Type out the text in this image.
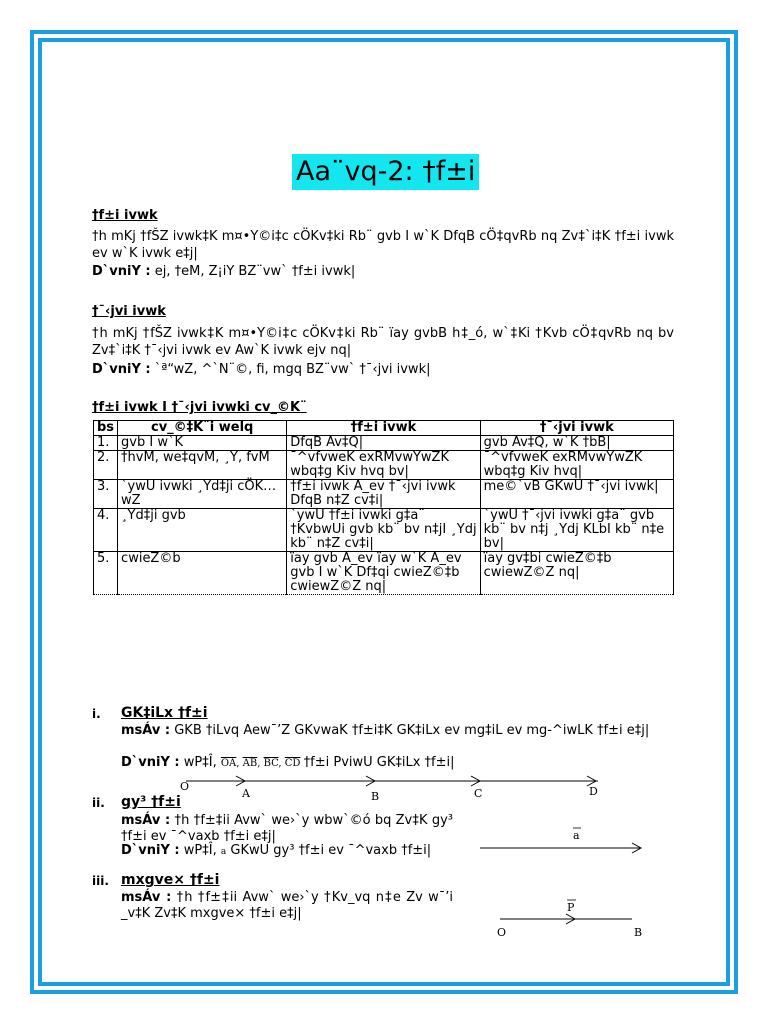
Aa¨vq-2: †f±i
†f±i ivwk
†h mKj †fŠZ ivwk‡K m¤•Y©i‡c cÖKv‡ki Rb¨ gvb I w`K DfqB cÖ‡qvRb nq Zv‡`i‡K †f±i ivwk ev w`K ivwk e‡j|
D`vniY : ej, †eM, Z¡iY BZ¨vw` †f±i ivwk|
†¯‹jvi ivwk
†h mKj †fŠZ ivwk‡K m¤•Y©i‡c cÖKv‡ki Rb¨ ïay gvbB h‡_ó, w`‡Ki †Kvb cÖ‡qvRb nq bv Zv‡`i‡K †¯‹jvi ivwk ev Aw`K ivwk ejv nq|
D`vniY : `ª“wZ, ^`N¨©, fi, mgq BZ¨vw` †¯‹jvi ivwk|
†f±i ivwk I †¯‹jvi ivwki cv_©K¨
bs	cv_©‡K¨i welq	†f±i ivwk	†¯‹jvi ivwk
1.	gvb I w`K	DfqB Av‡Q|	gvb Av‡Q, w`K †bB|
2.	†hvM, we‡qvM, ¸Y, fvM	¯^vfvweK exRMvwYwZK wbq‡g Kiv hvq bv|	¯^vfvweK exRMvwYwZK wbq‡g Kiv hvq|
3.	`ywU ivwki ¸Yd‡ji cÖK…wZ	†f±i ivwk A_ev †¯‹jvi ivwk DfqB n‡Z cv‡i|	me©`vB GKwU †¯‹jvi ivwk|
4.	¸Yd‡ji gvb	`ywU †f±i ivwki g‡a¨ †KvbwUi gvb kb¨ bv n‡jI ¸Ydj kb¨ n‡Z cv‡i|	`ywU †¯‹jvi ivwki g‡a¨ gvb kb¨ bv n‡j ¸Ydj KLbI kb¨ n‡e bv|
5.	cwieZ©b	ïay gvb A_ev ïay w`K A_ev gvb I w`K Df‡qi cwieZ©‡b cwiewZ©Z nq|	ïay gv‡bi cwieZ©‡b cwiewZ©Z nq|
i. GK‡iLx †f±i
msÁv : GKB †iLvq Aew¯’Z GKvwaK †f±i‡K GK‡iLx ev mg‡iL ev mg-^iwLK †f±i e‡j|
D`vniY : wP‡Î, $\overline{OA}$, $\overline{AB}$, $\overline{BC}$, $\overline{CD}$ †f±i PviwU GK‡iLx †f±i|
O
A	B	C	D
ii. gy³ †f±i
msÁv : †h †f±‡ii Avw` we›`y wbw`©ó bq Zv‡K gy³ †f±i ev ¯^vaxb †f±i e‡j|
D`vniY : wP‡Î, a GKwU gy³ †f±i ev ¯^vaxb †f±i|
a
iii. mxgve× †f±i
msÁv : †h †f±‡ii Avw` we›`y †Kv_vq n‡e Zv w¯’i _v‡K Zv‡K mxgve× †f±i e‡j|	P
O	B
